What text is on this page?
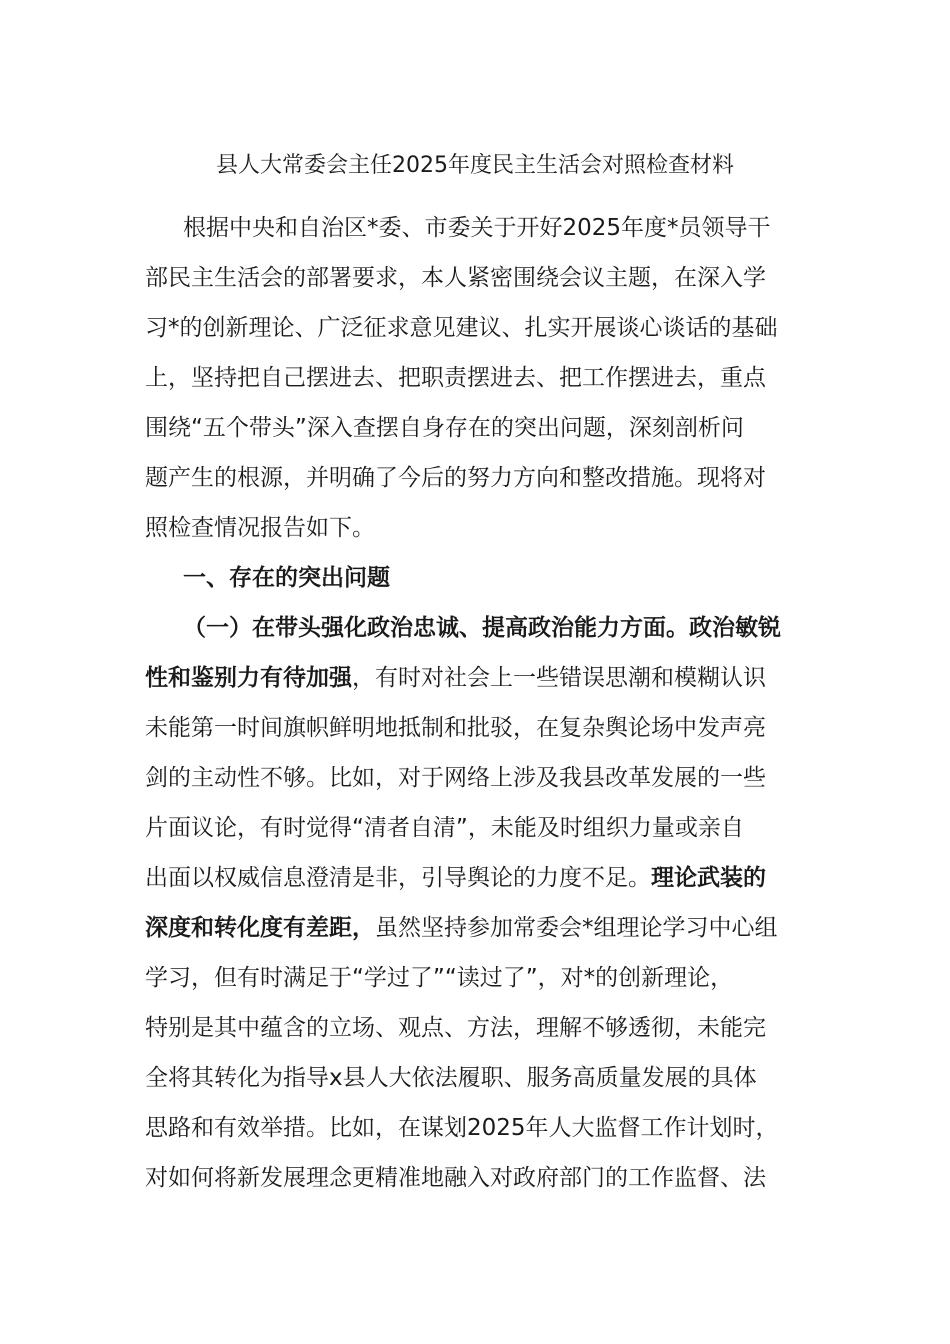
县人大常委会主任2025年度民主生活会对照检查材料
根据中央和自治区*委、市委关于开好2025年度*员领导干
部民主生活会的部署要求，本人紧密围绕会议主题，在深入学
习*的创新理论、广泛征求意见建议、扎实开展谈心谈话的基础
上，坚持把自己摆进去、把职责摆进去、把工作摆进去，重点
围绕“五个带头”深入查摆自身存在的突出问题，深刻剖析问
题产生的根源，并明确了今后的努力方向和整改措施。现将对
照检查情况报告如下。
一、存在的突出问题
（一）在带头强化政治忠诚、提高政治能力方面。政治敏锐
性和鉴别力有待加强，有时对社会上一些错误思潮和模糊认识
未能第一时间旗帜鲜明地抵制和批驳，在复杂舆论场中发声亮
剑的主动性不够。比如，对于网络上涉及我县改革发展的一些
片面议论，有时觉得“清者自清”，未能及时组织力量或亲自
出面以权威信息澄清是非，引导舆论的力度不足。理论武装的
深度和转化度有差距，虽然坚持参加常委会*组理论学习中心组
学习，但有时满足于“学过了”“读过了”，对*的创新理论，
特别是其中蕴含的立场、观点、方法，理解不够透彻，未能完
全将其转化为指导x县人大依法履职、服务高质量发展的具体
思路和有效举措。比如，在谋划2025年人大监督工作计划时，
对如何将新发展理念更精准地融入对政府部门的工作监督、法
